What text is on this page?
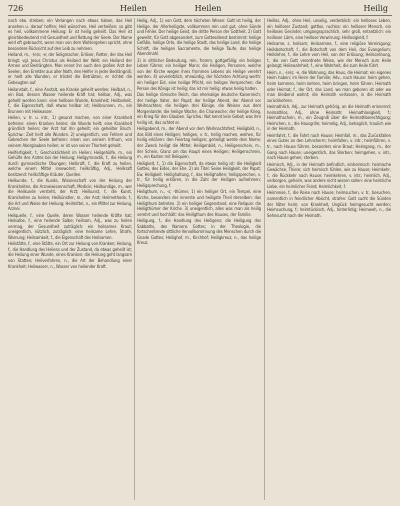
726	Heilen	Heilen	Heilig

nach etw. streben; ein Verlangen nach etwas haben, das Heil ansehen u. darauf hoffen; Heil wünschen, Heil verheißen; so gibt es heil, vollkommene Heilung: Er ist heilig geheilt. Das Heil ist gleichbedeutend mit Gesundheit und Rettung der Seele. Der Name wird oft gebraucht, wenn man von dem Wohlergehen spricht, ohne besondere Rücksicht auf den Leib zu nehmen.

Heiland, m., -(e)s; -e; der Seligmacher, Erlöser, Retter, der das Heil bringt; vgl. Jesus Christus als Heiland der Welt; ein Heiland der Armen und Bedrängten. Man nennt ihn auch den großen Arzt der Seelen, den Erretter aus aller Noth, den Helfer in jeder Bedrängniß; er heilt alle Wunden, er tröstet die Betrübten, er richtet die Gebeugten auf.

Heilanstalt, f., eine Anstalt, wo Kranke geheilt werden; Heilbad, n., ein Bad, dessen Wasser heilende Kraft hat; heilbar, Adj., was geheilt werden kann: eine heilbare Wunde, Krankheit; Heilbarkeit, f., die Eigenschaft, daß etwas heilbar ist; Heilbrunnen, m., ein Brunnen mit Heilwasser.

Heilen, v. tr. u. intr., 1) gesund machen, von einer Krankheit befreien: einen Kranken heilen; die Wunde heilt; eine Krankheit gründlich heilen; der Arzt hat ihn geheilt; ein geheilter Bruch. Sprichw.: Zeit heilt alle Wunden. 2) uneigentlich, von Fehlern und Gebrechen der Seele befreien: einen von seinem Irrthum, von seinem Aberglauben heilen; er ist von seiner Thorheit geheilt.

Heilfertigkeit, f., Geschicklichkeit im Heilen; Heilgehülfe, m., ein Gehülfe des Arztes bei der Heilung; Heilgymnastik, f., die Heilung durch gymnastische Übungen; Heilkraft, f., die Kraft zu heilen, welche einem Mittel innewohnt; heilkräftig, Adj., Heilkraft besitzend: heilkräftige Kräuter, Quellen.

Heilkunde, f., die Kunde, Wissenschaft von der Heilung der Krankheiten, die Arzneiwissenschaft, Medicin; Heilkundige, m., wer die Heilkunde versteht, der Arzt; Heilkunst, f., die Kunst, Krankheiten zu heilen; Heilkünstler, m., der Arzt; Heilmethode, f., die Art und Weise der Heilung; Heilmittel, n., ein Mittel zur Heilung, Arznei.

Heilquelle, f., eine Quelle, deren Wasser heilende Kräfte hat; Heilsalbe, f., eine heilende Salbe; heilsam, Adj., was zu heilen vermag, der Gesundheit zuträglich: ein heilsames Kraut; uneigentlich, nützlich, zuträglich: eine heilsame Lehre, Strafe, Warnung; Heilsamkeit, f., die Eigenschaft des Heilsamen.

Heilstätte, f., eine Stätte, ein Ort zur Heilung von Kranken; Heilung, f., die Handlung des Heilens und der Zustand, da etwas geheilt ist; die Heilung einer Wunde, eines Kranken; die Heilung geht langsam von Statten; Heilverfahren, n., die Art der Behandlung einer Krankheit; Heilwasser, n., Wasser von heilender Kraft.

Heilig, Adj., 1) von Gott, dem höchsten Wesen: Gott ist heilig, der Heilige, der Allerheiligste, vollkommen rein und gut, ohne Sünde und Fehler. Der heilige Geist, die dritte Person der Gottheit. 2) Gott geweiht, für Gott abgesondert, zum Gottesdienst bestimmt: heilige Gefäße, heilige Orte, die heilige Stadt, das heilige Land, die heilige Schrift, die heiligen Sacramente, die heilige Taufe, das heilige Abendmahl.

3) in sittlicher Bedeutung, rein, fromm, gottgefällig: ein heiliges Leben führen; ein heiliger Mann; die Heiligen, Personen, welche von der Kirche wegen ihres frommen Lebens als Heilige verehrt werden. 4) unverletzlich, ehrwürdig, der höchsten Achtung werth: ein heiliger Eid, eine heilige Pflicht, ein heiliges Versprechen; die Person des Königs ist heilig; das ist mir heilig; etwas heilig halten.

Das heilige römische Reich, das ehemalige deutsche Kaiserreich; der heilige Vater, der Papst; der heilige Abend, der Abend vor Weihnachten; die heiligen drei Könige, die Weisen aus dem Morgenlande; die heilige Woche, die Charwoche; der heilige Krieg, ein Krieg für den Glauben. Sprichw.: Not kennt kein Gebot; was ihm heilig ist, das achtet er.

Heiligabend, m., der Abend vor dem Weihnachtsfest; Heiligbild, n., das Bild eines Heiligen; heiligen, v. tr., heilig machen, weihen, für heilig erklären: den Feiertag heiligen; geheiligt werde dein Name; der Zweck heiligt die Mittel; Heiligenbild, n., Heiligenschein, m., der Schein, Glanz um das Haupt eines Heiligen; Heiligenschrein, m., ein Kasten mit Reliquien.

Heiligkeit, f., 1) die Eigenschaft, da etwas heilig ist: die Heiligkeit Gottes, des Eides, der Ehe. 2) als Titel: Seine Heiligkeit, der Papst; Ew. Heiligkeit. Heilighaltung, f., das Heilighalten; heiligsprechen, v. tr., für heilig erklären, in die Zahl der Heiligen aufnehmen; Heiligsprechung, f.

Heiligthum, n., -s; -thümer, 1) ein heiliger Ort, ein Tempel, eine Kirche, besonders der innerste und heiligste Theil derselben: das Heiligthum betreten. 2) ein heiliger Gegenstand, eine Reliquie: die Heiligthümer der Kirche. 3) uneigentlich, alles was man als heilig verehrt und hochhält: das Heiligthum des Hauses, der Familie.

Heiligung, f., die Handlung des Heiligens; die Heiligung des Sabbaths, des Namens Gottes; in der Theologie, die fortschreitende sittliche Vervollkommnung des Menschen durch die Gnade Gottes; Heilighof, m., Kirchhof; Heiligkreuz, n., das heilige Kreuz.

Heillos, Adj., ohne Heil, unselig, verderblich: ein heilloses Leben, ein heilloser Zustand; gottlos, ruchlos: ein heilloser Mensch, ein heilloses Gesindel; umgangssprachlich, sehr groß, entsetzlich: ein heilloser Lärm, eine heillose Verwirrung; Heillosigkeit, f.

Heilsame, s. heilsam; Heilsarmee, f., eine religiöse Vereinigung; Heilsbotschaft, f., die Botschaft von dem Heil, das Evangelium; Heilslehre, f., die Lehre vom Heil, von der Erlösung; Heilsordnung, f., die von Gott verordnete Weise, wie der Mensch zum Heile gelangt; Heilswahrheit, f., eine Wahrheit, die zum Heile führt.

Heim, n., -(e)s; -e, die Wohnung, das Haus, die Heimat: ein eigenes Heim haben; im Heim der Familie; Adv., nach Hause: heim gehen, heim kommen, heim kehren, heim bringen, heim führen. Heimath oder Heimat, f., der Ort, das Land, wo man geboren ist oder wo man bleibend wohnt; die Heimath verlassen, in die Heimath zurückkehren.

Heimathlich, Adj., zur Heimath gehörig, an die Heimath erinnernd; heimathlos, Adj., ohne Heimath; Heimathlosigkeit, f.; Heimathschein, m., ein Zeugniß über die Heimathberechtigung; Heimchen, n., die Hausgrille; heimelig, Adj., behaglich, traulich wie in der Heimath.

Heimfahrt, f., die Fahrt nach Hause; Heimfall, m., das Zurückfallen eines Gutes an den Lehnsherrn; heimfallen, v. intr.; heimführen, v. tr., nach Hause führen, besonders eine Braut; Heimgang, m., der Gang nach Hause; uneigentlich, das Sterben; heimgehen, v. intr., nach Hause gehen; sterben.

Heimisch, Adj., in der Heimath befindlich, einheimisch: heimische Gewächse, Thiere; sich heimisch fühlen, wie zu Hause; Heimkehr, f., die Rückkehr nach Hause; heimkehren, v. intr.; heimlich, Adj., verborgen, geheim, was andere nicht wissen sollen: eine heimliche Liebe, ein heimlicher Feind; Heimlichkeit, f.

Heimreise, f., die Reise nach Hause; heimsuchen, v. tr., besuchen, namentlich in feindlicher Absicht, strafen: Gott sucht die Sünden der Väter heim; von Krankheit, Unglück heimgesucht werden; Heimsuchung, f.; heimtückisch, Adj., hinterlistig; Heimweh, n., die Sehnsucht nach der Heimath.
